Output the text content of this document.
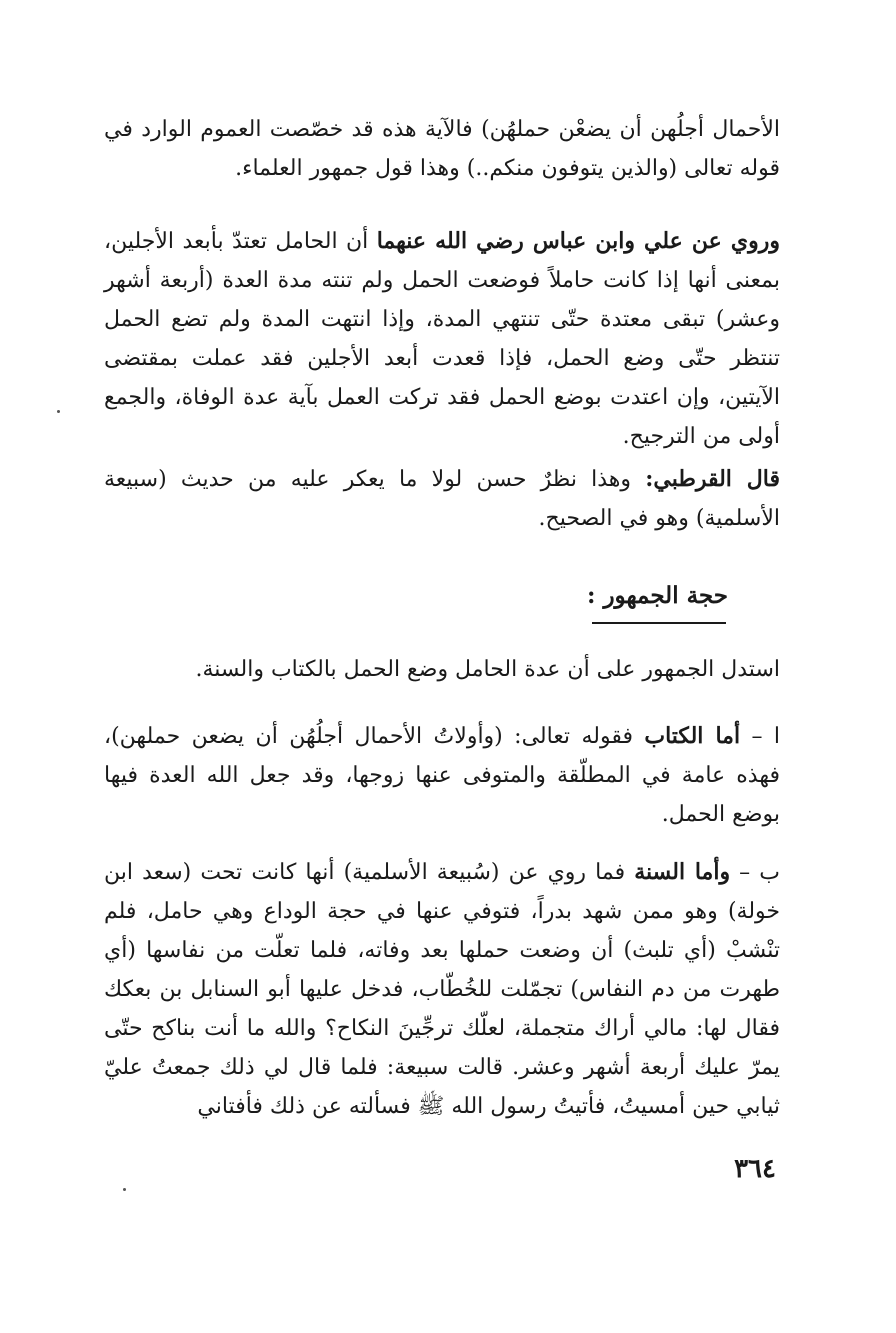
الأحمال أجلُهن أن يضعْن حملهُن) فالآية هذه قد خصّصت العموم الوارد في قوله تعالى (والذين يتوفون منكم..) وهذا قول جمهور العلماء.

وروي عن علي وابن عباس رضي الله عنهما أن الحامل تعتدّ بأبعد الأجلين، بمعنى أنها إذا كانت حاملاً فوضعت الحمل ولم تنته مدة العدة (أربعة أشهر وعشر) تبقى معتدة حتّى تنتهي المدة، وإذا انتهت المدة ولم تضع الحمل تنتظر حتّى وضع الحمل، فإذا قعدت أبعد الأجلين فقد عملت بمقتضى الآيتين، وإن اعتدت بوضع الحمل فقد تركت العمل بآية عدة الوفاة، والجمع أولى من الترجيح.

قال القرطبي: وهذا نظرٌ حسن لولا ما يعكر عليه من حديث (سبيعة الأسلمية) وهو في الصحيح.

حجة الجمهور :

استدل الجمهور على أن عدة الحامل وضع الحمل بالكتاب والسنة.

ا – أما الكتاب فقوله تعالى: (وأولاتُ الأحمال أجلُهُن أن يضعن حملهن)، فهذه عامة في المطلّقة والمتوفى عنها زوجها، وقد جعل الله العدة فيها بوضع الحمل.

ب – وأما السنة فما روي عن (سُبيعة الأسلمية) أنها كانت تحت (سعد ابن خولة) وهو ممن شهد بدراً، فتوفي عنها في حجة الوداع وهي حامل، فلم تنْشبْ (أي تلبث) أن وضعت حملها بعد وفاته، فلما تعلّت من نفاسها (أي طهرت من دم النفاس) تجمّلت للخُطّاب، فدخل عليها أبو السنابل بن بعكك فقال لها: مالي أراك متجملة، لعلّك ترجِّينَ النكاح؟ والله ما أنت بناكح حتّى يمرّ عليك أربعة أشهر وعشر. قالت سبيعة: فلما قال لي ذلك جمعتُ عليّ ثيابي حين أمسيتُ، فأتيتُ رسول الله ﷺ فسألته عن ذلك فأفتاني

٣٦٤
